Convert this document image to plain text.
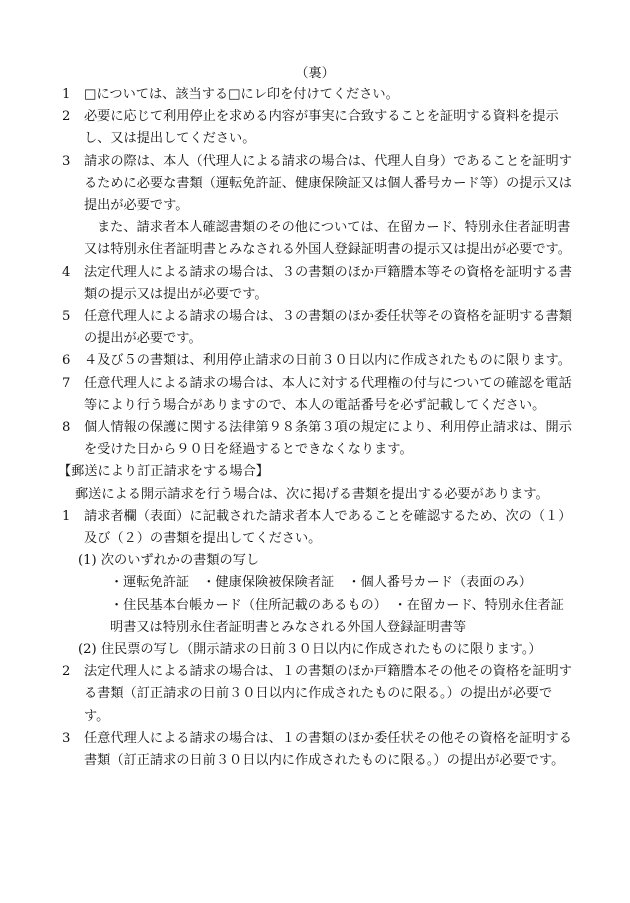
（裏）
1	□については、該当する□にレ印を付けてください。
2	必要に応じて利用停止を求める内容が事実に合致することを証明する資料を提示し、又は提出してください。
3	請求の際は、本人（代理人による請求の場合は、代理人自身）であることを証明するために必要な書類（運転免許証、健康保険証又は個人番号カード等）の提示又は提出が必要です。
また、請求者本人確認書類のその他については、在留カード、特別永住者証明書又は特別永住者証明書とみなされる外国人登録証明書の提示又は提出が必要です。
4	法定代理人による請求の場合は、３の書類のほか戸籍謄本等その資格を証明する書類の提示又は提出が必要です。
5	任意代理人による請求の場合は、３の書類のほか委任状等その資格を証明する書類の提出が必要です。
6	４及び５の書類は、利用停止請求の日前３０日以内に作成されたものに限ります。
7	任意代理人による請求の場合は、本人に対する代理権の付与についての確認を電話等により行う場合がありますので、本人の電話番号を必ず記載してください。
8	個人情報の保護に関する法律第９８条第３項の規定により、利用停止請求は、開示を受けた日から９０日を経過するとできなくなります。
【郵送により訂正請求をする場合】
郵送による開示請求を行う場合は、次に掲げる書類を提出する必要があります。
1	請求者欄（表面）に記載された請求者本人であることを確認するため、次の（１）及び（２）の書類を提出してください。
(1) 次のいずれかの書類の写し
・運転免許証　・健康保険被保険者証　・個人番号カード（表面のみ）
・住民基本台帳カード（住所記載のあるもの）　・在留カード、特別永住者証明書又は特別永住者証明書とみなされる外国人登録証明書等
(2) 住民票の写し（開示請求の日前３０日以内に作成されたものに限ります。）
2	法定代理人による請求の場合は、１の書類のほか戸籍謄本その他その資格を証明する書類（訂正請求の日前３０日以内に作成されたものに限る。）の提出が必要です。
3	任意代理人による請求の場合は、１の書類のほか委任状その他その資格を証明する書類（訂正請求の日前３０日以内に作成されたものに限る。）の提出が必要です。
